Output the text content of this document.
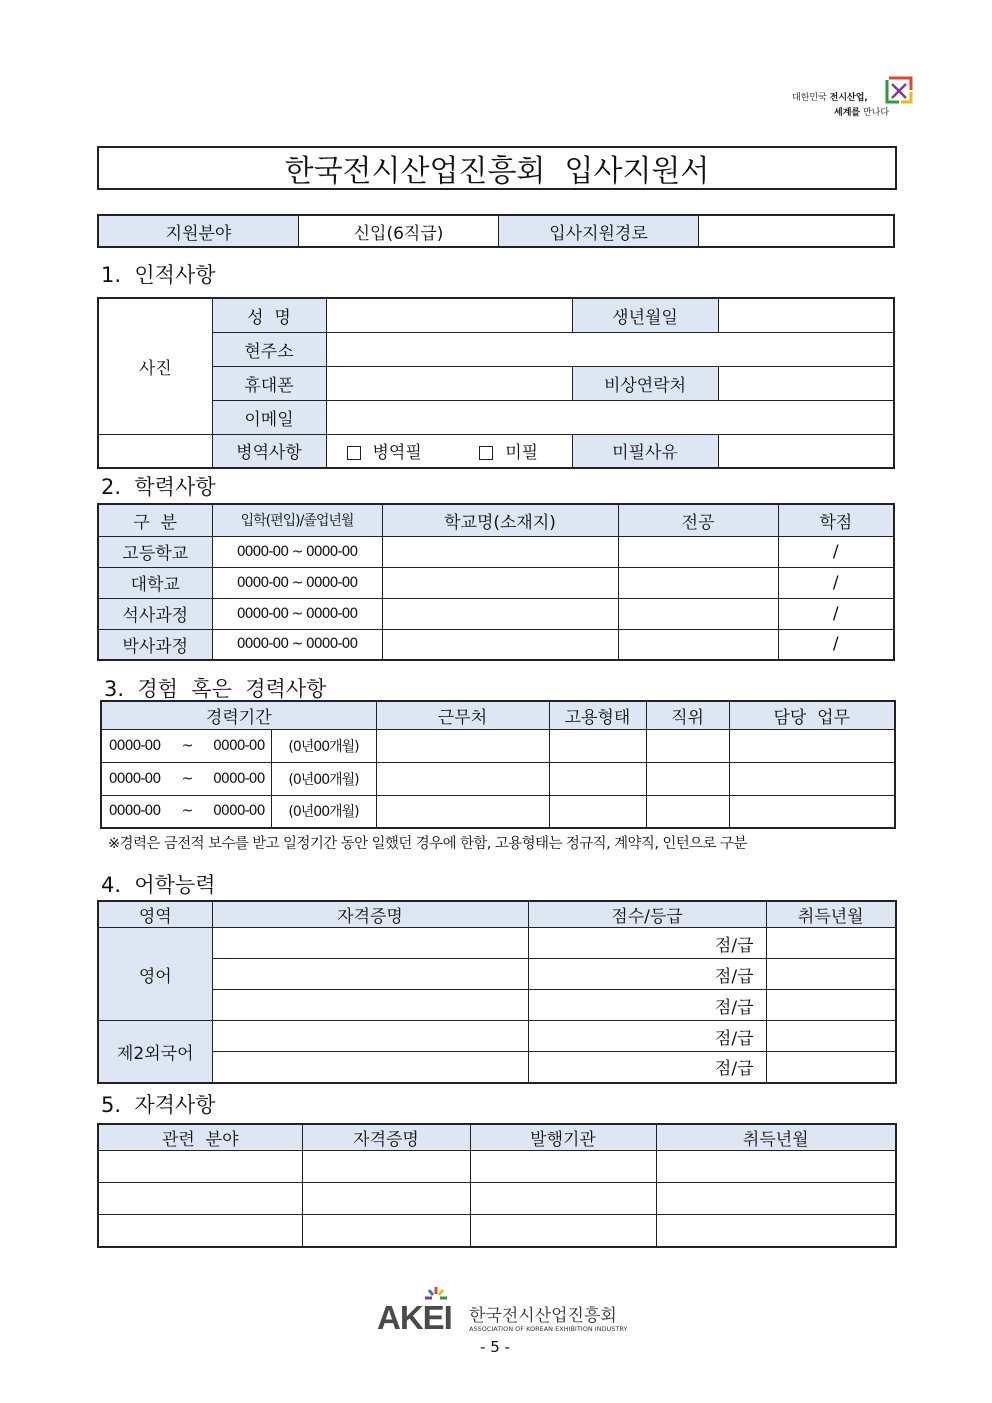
대한민국 전시산업,
세계를 만나다
한국전시산업진흥회  입사지원서
지원분야	신입(6직급)	입사지원경로	
1.  인적사항
사진	성  명		생년월일	
	현주소			
	휴대폰		비상연락처	
	이메일			
	병역사항	병역필 미필	미필사유	
2.  학력사항
구  분	입학(편입)/졸업년월	학교명(소재지)	전공	학점
고등학교	0000-00 ~ 0000-00			/
대학교	0000-00 ~ 0000-00			/
석사과정	0000-00 ~ 0000-00			/
박사과정	0000-00 ~ 0000-00			/
3.  경험  혹은  경력사항
경력기간				근무처	고용형태	직위	담당  업무
0000-00	~	0000-00	(0년00개월)				
0000-00	~	0000-00	(0년00개월)				
0000-00	~	0000-00	(0년00개월)				
※경력은 금전적 보수를 받고 일정기간 동안 일했던 경우에 한함, 고용형태는 정규직, 계약직, 인턴으로 구분
4.  어학능력
영역	자격증명	점수/등급	취득년월
영어		점/급	
		점/급	
		점/급	
제2외국어		점/급	
		점/급	
5.  자격사항
관련  분야	자격증명	발행기관	취득년월

AKEI 한국전시산업진흥회
ASSOCIATION OF KOREAN EXHIBITION INDUSTRY
- 5 -
